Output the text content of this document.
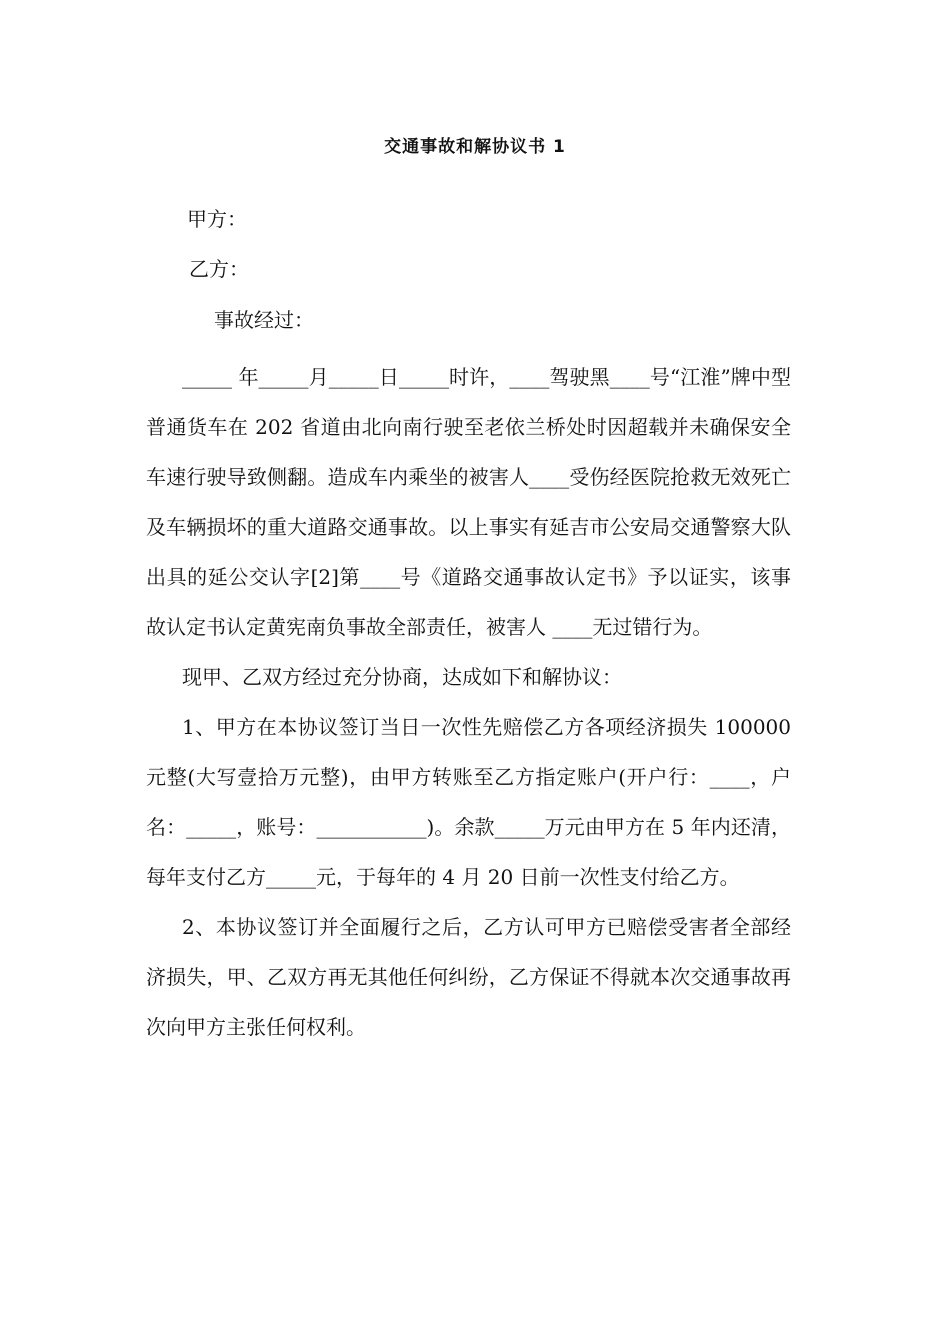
交通事故和解协议书 1
甲方：
乙方：
事故经过：

_____ 年_____月_____日_____时许，____驾驶黑____号“江淮”牌中型普通货车在 202 省道由北向南行驶至老依兰桥处时因超载并未确保安全车速行驶导致侧翻。造成车内乘坐的被害人____受伤经医院抢救无效死亡及车辆损坏的重大道路交通事故。以上事实有延吉市公安局交通警察大队出具的延公交认字[2]第____号《道路交通事故认定书》予以证实，该事故认定书认定黄宪南负事故全部责任，被害人 ____无过错行为。

现甲、乙双方经过充分协商，达成如下和解协议：

1、甲方在本协议签订当日一次性先赔偿乙方各项经济损失 100000 元整(大写壹拾万元整)，由甲方转账至乙方指定账户(开户行：____，户名：_____，账号：___________)。余款_____万元由甲方在 5 年内还清，每年支付乙方_____元，于每年的 4 月 20 日前一次性支付给乙方。

2、本协议签订并全面履行之后，乙方认可甲方已赔偿受害者全部经济损失，甲、乙双方再无其他任何纠纷，乙方保证不得就本次交通事故再次向甲方主张任何权利。
